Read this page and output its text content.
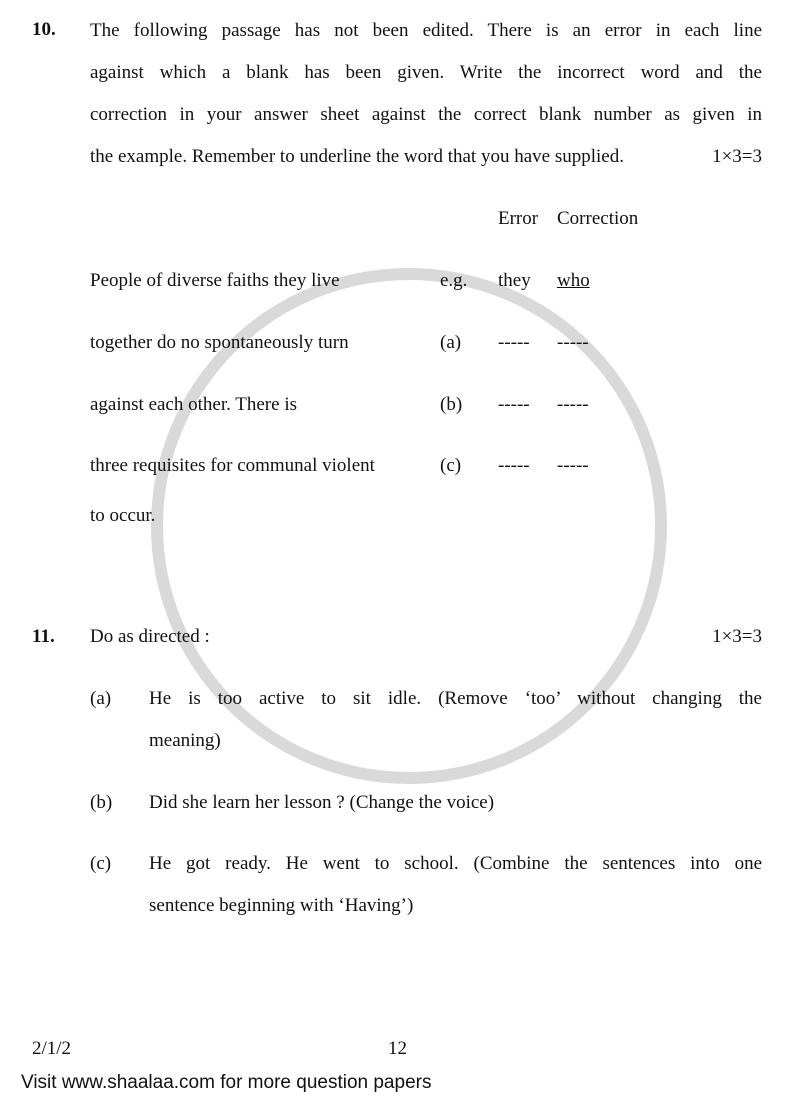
10. The following passage has not been edited. There is an error in each line
against which a blank has been given. Write the incorrect word and the
correction in your answer sheet against the correct blank number as given in
the example. Remember to underline the word that you have supplied.	1×3=3
Error Correction
People of diverse faiths they live	e.g. they who
together do no spontaneously turn	(a) ----- -----
against each other. There is	(b) ----- -----
three requisites for communal violent	(c) ----- -----
to occur.
11. Do as directed :	1×3=3
(a) He is too active to sit idle. (Remove ‘too’ without changing the
meaning)
(b) Did she learn her lesson ? (Change the voice)
(c) He got ready. He went to school. (Combine the sentences into one
sentence beginning with ‘Having’)
2/1/2	12
Visit www.shaalaa.com for more question papers
